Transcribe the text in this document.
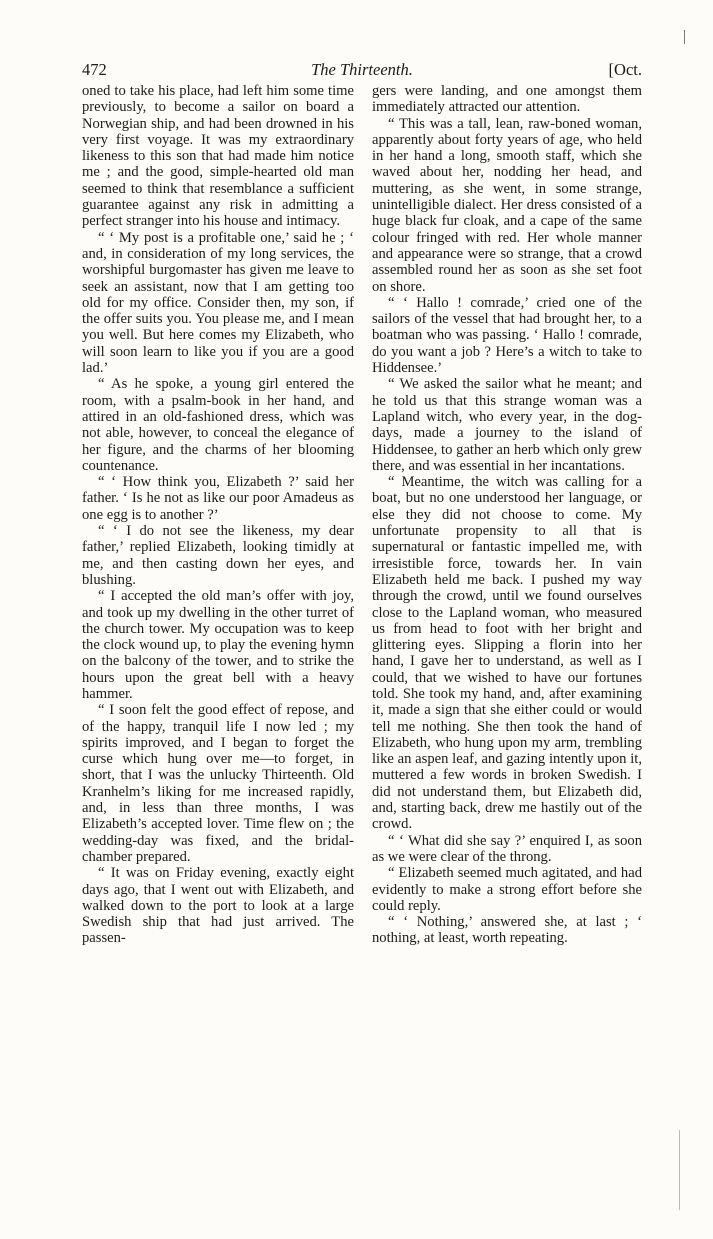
472	The Thirteenth.	[Oct.

oned to take his place, had left him some time previously, to become a sailor on board a Norwegian ship, and had been drowned in his very first voyage. It was my extraordinary likeness to this son that had made him notice me ; and the good, simple-hearted old man seemed to think that resemblance a sufficient guarantee against any risk in admitting a perfect stranger into his house and intimacy.

“ ‘ My post is a profitable one,’ said he ; ‘ and, in consideration of my long services, the worshipful burgomaster has given me leave to seek an assistant, now that I am getting too old for my office. Consider then, my son, if the offer suits you. You please me, and I mean you well. But here comes my Elizabeth, who will soon learn to like you if you are a good lad.’

“ As he spoke, a young girl entered the room, with a psalm-book in her hand, and attired in an old-fashioned dress, which was not able, however, to conceal the elegance of her figure, and the charms of her blooming countenance.

“ ‘ How think you, Elizabeth ?’ said her father. ‘ Is he not as like our poor Amadeus as one egg is to another ?’

“ ‘ I do not see the likeness, my dear father,’ replied Elizabeth, looking timidly at me, and then casting down her eyes, and blushing.

“ I accepted the old man’s offer with joy, and took up my dwelling in the other turret of the church tower. My occupation was to keep the clock wound up, to play the evening hymn on the balcony of the tower, and to strike the hours upon the great bell with a heavy hammer.

“ I soon felt the good effect of repose, and of the happy, tranquil life I now led ; my spirits improved, and I began to forget the curse which hung over me—to forget, in short, that I was the unlucky Thirteenth. Old Kranhelm’s liking for me increased rapidly, and, in less than three months, I was Elizabeth’s accepted lover. Time flew on ; the wedding-day was fixed, and the bridal-chamber prepared.

“ It was on Friday evening, exactly eight days ago, that I went out with Elizabeth, and walked down to the port to look at a large Swedish ship that had just arrived. The passen-

gers were landing, and one amongst them immediately attracted our attention.

“ This was a tall, lean, raw-boned woman, apparently about forty years of age, who held in her hand a long, smooth staff, which she waved about her, nodding her head, and muttering, as she went, in some strange, unintelligible dialect. Her dress consisted of a huge black fur cloak, and a cape of the same colour fringed with red. Her whole manner and appearance were so strange, that a crowd assembled round her as soon as she set foot on shore.

“ ‘ Hallo ! comrade,’ cried one of the sailors of the vessel that had brought her, to a boatman who was passing. ‘ Hallo ! comrade, do you want a job ? Here’s a witch to take to Hiddensee.’

“ We asked the sailor what he meant; and he told us that this strange woman was a Lapland witch, who every year, in the dog-days, made a journey to the island of Hiddensee, to gather an herb which only grew there, and was essential in her incantations.

“ Meantime, the witch was calling for a boat, but no one understood her language, or else they did not choose to come. My unfortunate propensity to all that is supernatural or fantastic impelled me, with irresistible force, towards her. In vain Elizabeth held me back. I pushed my way through the crowd, until we found ourselves close to the Lapland woman, who measured us from head to foot with her bright and glittering eyes. Slipping a florin into her hand, I gave her to understand, as well as I could, that we wished to have our fortunes told. She took my hand, and, after examining it, made a sign that she either could or would tell me nothing. She then took the hand of Elizabeth, who hung upon my arm, trembling like an aspen leaf, and gazing intently upon it, muttered a few words in broken Swedish. I did not understand them, but Elizabeth did, and, starting back, drew me hastily out of the crowd.

“ ‘ What did she say ?’ enquired I, as soon as we were clear of the throng.

“ Elizabeth seemed much agitated, and had evidently to make a strong effort before she could reply.

“ ‘ Nothing,’ answered she, at last ; ‘ nothing, at least, worth repeating.
